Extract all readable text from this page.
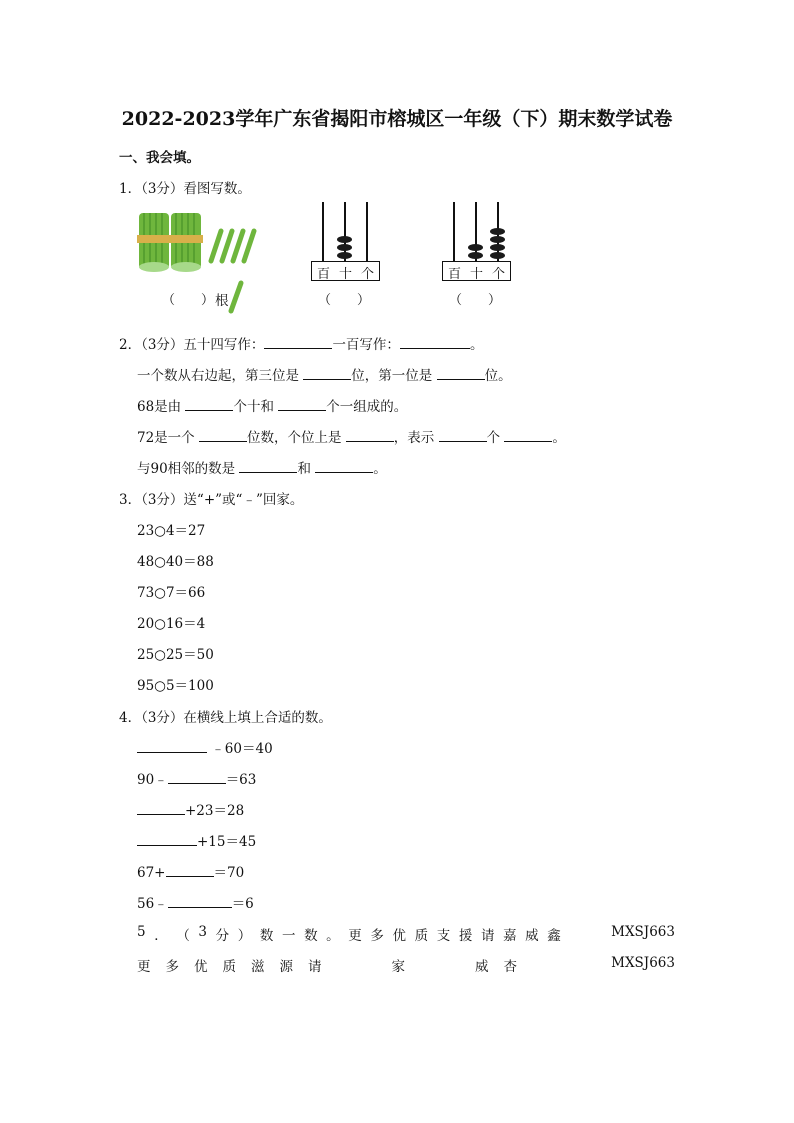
2022-2023学年广东省揭阳市榕城区一年级（下）期末数学试卷
一、我会填。
1．（3分）看图写数。
（　　） 根
百 十 个
（　　）
百 十 个
（　　）
2．（3分）五十四写作：	一百写作：	。
一个数从右边起，第三位是	位，第一位是	位。
68是由	个十和	个一组成的。
72是一个	位数，个位上是	，表示	个	。
与90相邻的数是	和	。
3．（3分）送“+”或“﹣”回家。
23○4＝27
48○40＝88
73○7＝66
20○16＝4
25○25＝50
95○5＝100
4．（3分）在横线上填上合适的数。
﹣60＝40
90﹣	＝63
+23＝28
+15＝45
67+	＝70
56﹣	＝6
5 ． （ 3 分 ） 数 一 数 。 更 多 优 质 支 援 请 嘉 威 鑫	MXSJ663
更 多 优 质 滋 源 请	家	威 杏	MXSJ663
